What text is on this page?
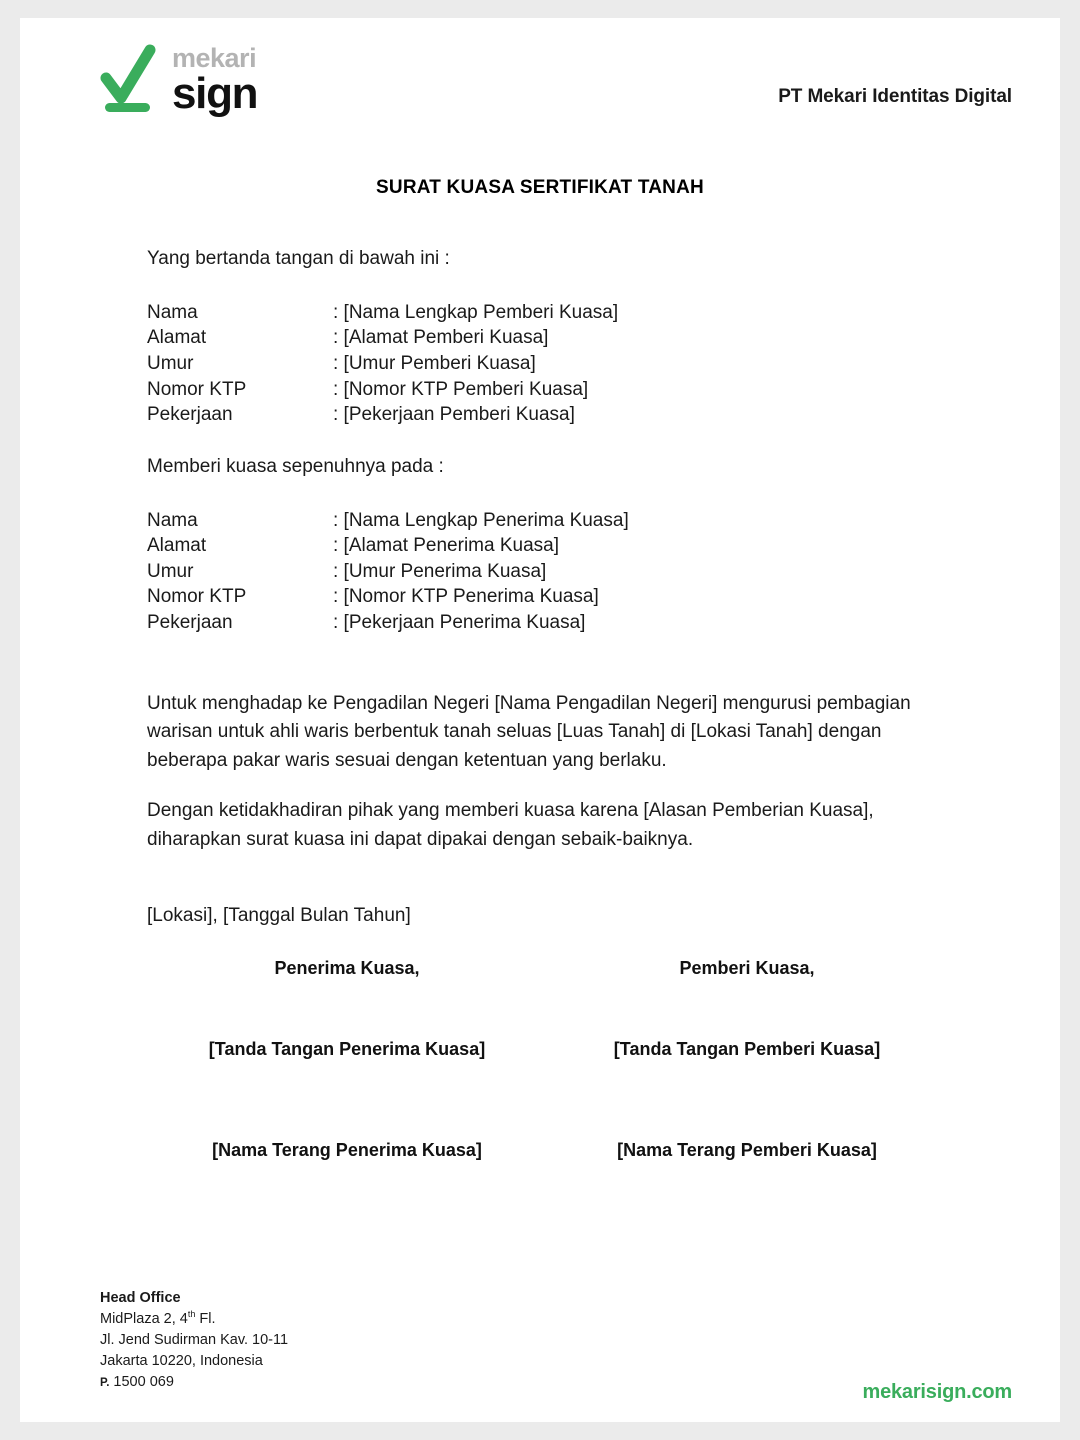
mekari
sign	PT Mekari Identitas Digital
SURAT KUASA SERTIFIKAT TANAH
Yang bertanda tangan di bawah ini :
Nama	: [Nama Lengkap Pemberi Kuasa]
Alamat	: [Alamat Pemberi Kuasa]
Umur	: [Umur Pemberi Kuasa]
Nomor KTP	: [Nomor KTP Pemberi Kuasa]
Pekerjaan	: [Pekerjaan Pemberi Kuasa]
Memberi kuasa sepenuhnya pada :
Nama	: [Nama Lengkap Penerima Kuasa]
Alamat	: [Alamat Penerima Kuasa]
Umur	: [Umur Penerima Kuasa]
Nomor KTP	: [Nomor KTP Penerima Kuasa]
Pekerjaan	: [Pekerjaan Penerima Kuasa]
Untuk menghadap ke Pengadilan Negeri [Nama Pengadilan Negeri] mengurusi pembagian warisan untuk ahli waris berbentuk tanah seluas [Luas Tanah] di [Lokasi Tanah] dengan beberapa pakar waris sesuai dengan ketentuan yang berlaku.
Dengan ketidakhadiran pihak yang memberi kuasa karena [Alasan Pemberian Kuasa], diharapkan surat kuasa ini dapat dipakai dengan sebaik-baiknya.
[Lokasi], [Tanggal Bulan Tahun]
Penerima Kuasa,	Pemberi Kuasa,
[Tanda Tangan Penerima Kuasa]	[Tanda Tangan Pemberi Kuasa]
[Nama Terang Penerima Kuasa]	[Nama Terang Pemberi Kuasa]
Head Office
MidPlaza 2, 4th Fl.
Jl. Jend Sudirman Kav. 10-11
Jakarta 10220, Indonesia
P. 1500 069	mekarisign.com
